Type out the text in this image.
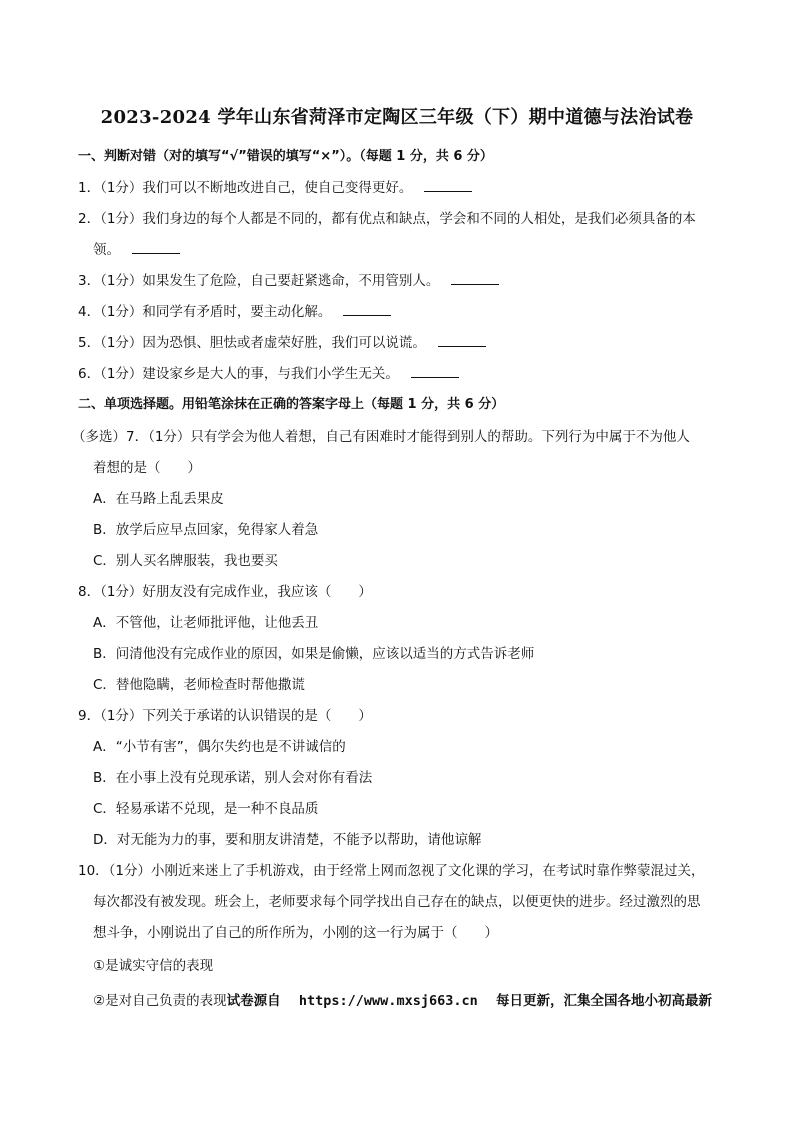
2023-2024 学年山东省菏泽市定陶区三年级（下）期中道德与法治试卷
一、判断对错（对的填写“√”错误的填写“×”）。（每题 1 分，共 6 分）
1．（1分）我们可以不断地改进自己，使自己变得更好。
2．（1分）我们身边的每个人都是不同的，都有优点和缺点，学会和不同的人相处，是我们必须具备的本
领。
3．（1分）如果发生了危险，自己要赶紧逃命，不用管别人。
4．（1分）和同学有矛盾时，要主动化解。
5．（1分）因为恐惧、胆怯或者虚荣好胜，我们可以说谎。
6．（1分）建设家乡是大人的事，与我们小学生无关。
二、单项选择题。用铅笔涂抹在正确的答案字母上（每题 1 分，共 6 分）
（多选）7．（1分）只有学会为他人着想，自己有困难时才能得到别人的帮助。下列行为中属于不为他人
着想的是（　　）
A．在马路上乱丢果皮
B．放学后应早点回家，免得家人着急
C．别人买名牌服装，我也要买
8．（1分）好朋友没有完成作业，我应该（　　）
A．不管他，让老师批评他，让他丢丑
B．问清他没有完成作业的原因，如果是偷懒，应该以适当的方式告诉老师
C．替他隐瞒，老师检查时帮他撒谎
9．（1分）下列关于承诺的认识错误的是（　　）
A．“小节有害”，偶尔失约也是不讲诚信的
B．在小事上没有兑现承诺，别人会对你有看法
C．轻易承诺不兑现，是一种不良品质
D．对无能为力的事，要和朋友讲清楚，不能予以帮助，请他谅解
10．（1分）小刚近来迷上了手机游戏，由于经常上网而忽视了文化课的学习，在考试时靠作弊蒙混过关，
每次都没有被发现。班会上，老师要求每个同学找出自己存在的缺点，以便更快的进步。经过激烈的思
想斗争，小刚说出了自己的所作所为，小刚的这一行为属于（　　）
①是诚实守信的表现
②是对自己负责的表现试卷源自 https://www.mxsj663.cn 每日更新，汇集全国各地小初高最新
